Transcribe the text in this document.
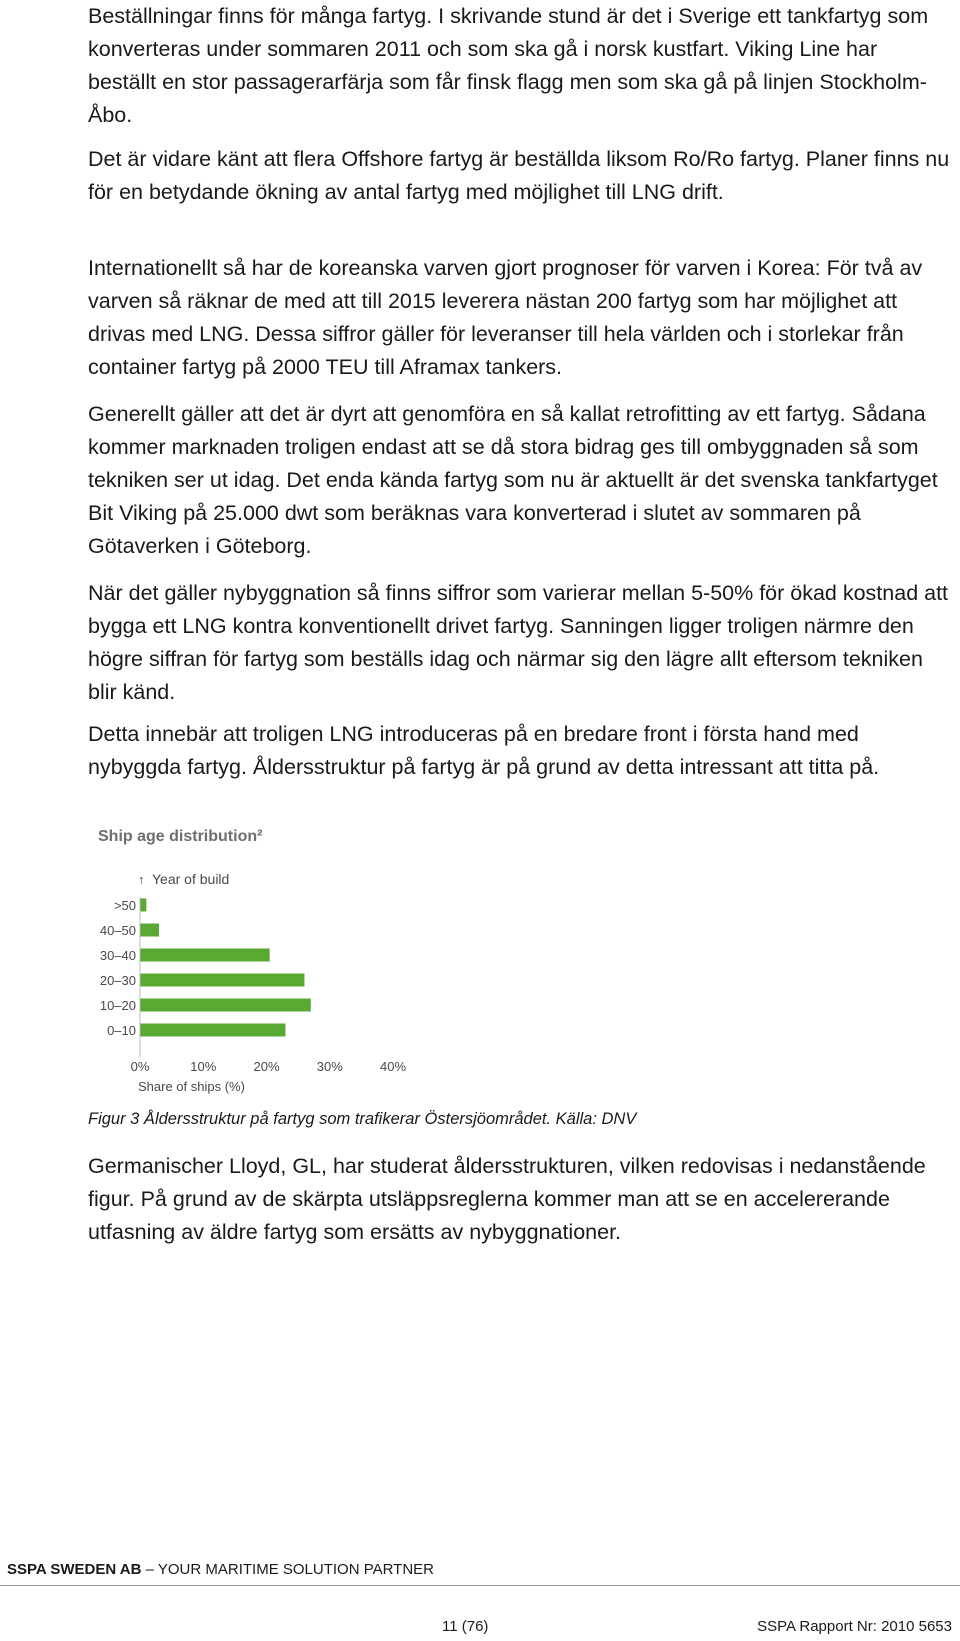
Beställningar finns för många fartyg. I skrivande stund är det i Sverige ett tankfartyg som konverteras under sommaren 2011 och som ska gå i norsk kustfart. Viking Line har beställt en stor passagerarfärja som får finsk flagg men som ska gå på linjen Stockholm-Åbo.

Det är vidare känt att flera Offshore fartyg är beställda liksom Ro/Ro fartyg. Planer finns nu för en betydande ökning av antal fartyg med möjlighet till LNG drift.

Internationellt så har de koreanska varven gjort prognoser för varven i Korea: För två av varven så räknar de med att till 2015 leverera nästan 200 fartyg som har möjlighet att drivas med LNG. Dessa siffror gäller för leveranser till hela världen och i storlekar från container fartyg på 2000 TEU till Aframax tankers.

Generellt gäller att det är dyrt att genomföra en så kallat retrofitting av ett fartyg. Sådana kommer marknaden troligen endast att se då stora bidrag ges till ombyggnaden så som tekniken ser ut idag. Det enda kända fartyg som nu är aktuellt är det svenska tankfartyget Bit Viking på 25.000 dwt som beräknas vara konverterad i slutet av sommaren på Götaverken i Göteborg.

När det gäller nybyggnation så finns siffror som varierar mellan 5-50% för ökad kostnad att bygga ett LNG kontra konventionellt drivet fartyg. Sanningen ligger troligen närmre den högre siffran för fartyg som beställs idag och närmar sig den lägre allt eftersom tekniken blir känd.

Detta innebär att troligen LNG introduceras på en bredare front i första hand med nybyggda fartyg. Åldersstruktur på fartyg är på grund av detta intressant att titta på.

Ship age distribution²
↑ Year of build
>50
40–50
30–40
20–30
10–20
0–10
0%	10%	20%	30%	40%
Share of ships (%)

Figur 3 Åldersstruktur på fartyg som trafikerar Östersjöområdet. Källa: DNV

Germanischer Lloyd, GL, har studerat åldersstrukturen, vilken redovisas i nedanstående figur. På grund av de skärpta utsläppsreglerna kommer man att se en accelererande utfasning av äldre fartyg som ersätts av nybyggnationer.

SSPA SWEDEN AB – YOUR MARITIME SOLUTION PARTNER

11 (76)	SSPA Rapport Nr: 2010 5653
